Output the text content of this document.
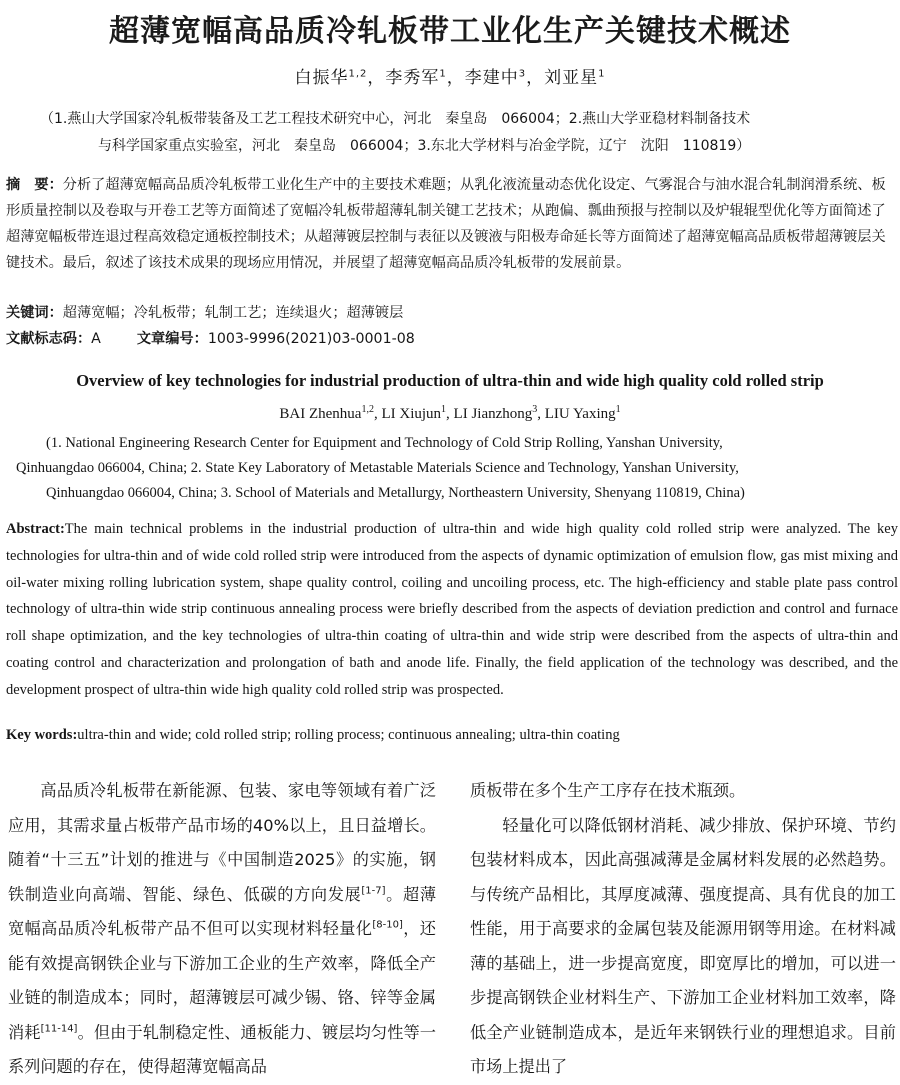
超薄宽幅高品质冷轧板带工业化生产关键技术概述
白振华$^{1,2}$，李秀军$^1$，李建中$^3$，刘亚星$^1$
（1.燕山大学国家冷轧板带装备及工艺工程技术研究中心，河北　秦皇岛　066004；2.燕山大学亚稳材料制备技术
与科学国家重点实验室，河北　秦皇岛　066004；3.东北大学材料与冶金学院，辽宁　沈阳　110819）
摘　要：分析了超薄宽幅高品质冷轧板带工业化生产中的主要技术难题；从乳化液流量动态优化设定、气雾混合与油水混合轧制润滑系统、板形质量控制以及卷取与开卷工艺等方面简述了宽幅冷轧板带超薄轧制关键工艺技术；从跑偏、瓢曲预报与控制以及炉辊辊型优化等方面简述了超薄宽幅板带连退过程高效稳定通板控制技术；从超薄镀层控制与表征以及镀液与阳极寿命延长等方面简述了超薄宽幅高品质板带超薄镀层关键技术。最后，叙述了该技术成果的现场应用情况，并展望了超薄宽幅高品质冷轧板带的发展前景。
关键词：超薄宽幅；冷轧板带；轧制工艺；连续退火；超薄镀层
文献标志码：A	文章编号：1003-9996(2021)03-0001-08
Overview of key technologies for industrial production of ultra-thin and wide high quality cold rolled strip
BAI Zhenhua$^{1,2}$, LI Xiujun$^1$, LI Jianzhong$^3$, LIU Yaxing$^1$
(1. National Engineering Research Center for Equipment and Technology of Cold Strip Rolling, Yanshan University,
Qinhuangdao 066004, China; 2. State Key Laboratory of Metastable Materials Science and Technology, Yanshan University,
Qinhuangdao 066004, China; 3. School of Materials and Metallurgy, Northeastern University, Shenyang 110819, China)
Abstract:The main technical problems in the industrial production of ultra-thin and wide high quality cold rolled strip were analyzed. The key technologies for ultra-thin and of wide cold rolled strip were introduced from the aspects of dynamic optimization of emulsion flow, gas mist mixing and oil-water mixing rolling lubrication system, shape quality control, coiling and uncoiling process, etc. The high-efficiency and stable plate pass control technology of ultra-thin wide strip continuous annealing process were briefly described from the aspects of deviation prediction and control and furnace roll shape optimization, and the key technologies of ultra-thin coating of ultra-thin and wide strip were described from the aspects of ultra-thin and coating control and characterization and prolongation of bath and anode life. Finally, the field application of the technology was described, and the development prospect of ultra-thin wide high quality cold rolled strip was prospected.
Key words:ultra-thin and wide; cold rolled strip; rolling process; continuous annealing; ultra-thin coating

高品质冷轧板带在新能源、包装、家电等领域有着广泛应用，其需求量占板带产品市场的40%以上，且日益增长。随着“十三五”计划的推进与《中国制造2025》的实施，钢铁制造业向高端、智能、绿色、低碳的方向发展[1-7]。超薄宽幅高品质冷轧板带产品不但可以实现材料轻量化[8-10]，还能有效提高钢铁企业与下游加工企业的生产效率，降低全产业链的制造成本；同时，超薄镀层可减少锡、铬、锌等金属消耗[11-14]。但由于轧制稳定性、通板能力、镀层均匀性等一系列问题的存在，使得超薄宽幅高品

质板带在多个生产工序存在技术瓶颈。

轻量化可以降低钢材消耗、减少排放、保护环境、节约包装材料成本，因此高强减薄是金属材料发展的必然趋势。与传统产品相比，其厚度减薄、强度提高、具有优良的加工性能，用于高要求的金属包装及能源用钢等用途。在材料减薄的基础上，进一步提高宽度，即宽厚比的增加，可以进一步提高钢铁企业材料生产、下游加工企业材料加工效率，降低全产业链制造成本，是近年来钢铁行业的理想追求。目前市场上提出了
